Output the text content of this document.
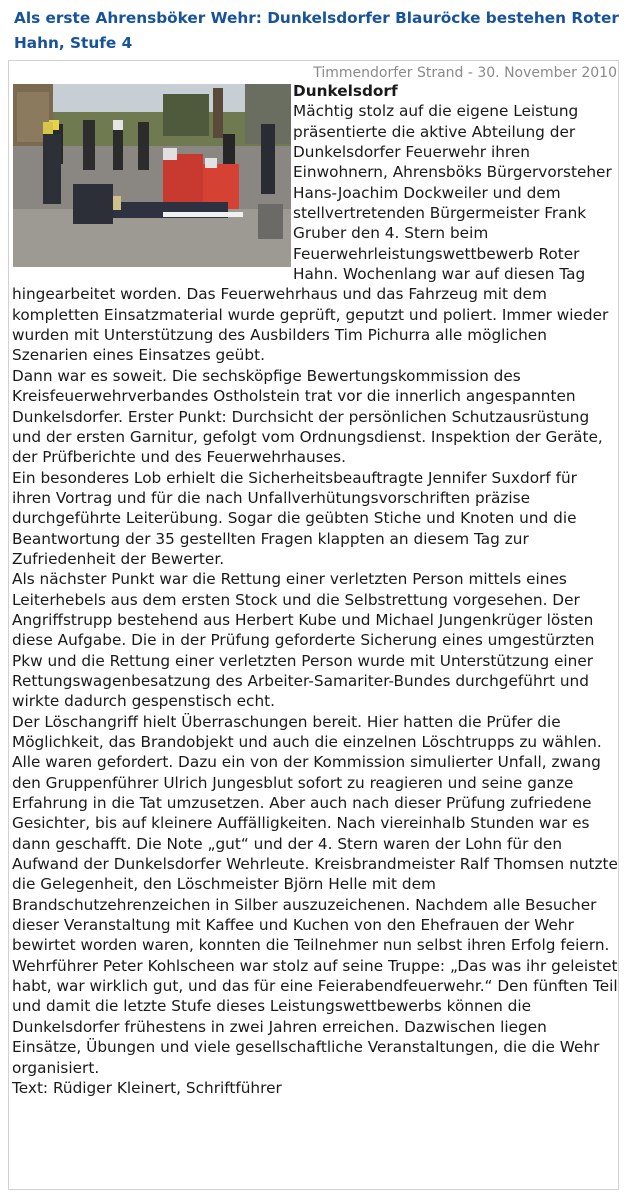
Als erste Ahrensböker Wehr: Dunkelsdorfer Blauröcke bestehen Roter Hahn, Stufe 4
Timmendorfer Strand - 30. November 2010
Dunkelsdorf
Mächtig stolz auf die eigene Leistung präsentierte die aktive Abteilung der Dunkelsdorfer Feuerwehr ihren Einwohnern, Ahrensböks Bürgervorsteher Hans-Joachim Dockweiler und dem stellvertretenden Bürgermeister Frank Gruber den 4. Stern beim Feuerwehrleistungswettbewerb Roter Hahn. Wochenlang war auf diesen Tag hingearbeitet worden. Das Feuerwehrhaus und das Fahrzeug mit dem kompletten Einsatzmaterial wurde geprüft, geputzt und poliert. Immer wieder wurden mit Unterstützung des Ausbilders Tim Pichurra alle möglichen Szenarien eines Einsatzes geübt.
Dann war es soweit. Die sechsköpfige Bewertungskommission des Kreisfeuerwehrverbandes Ostholstein trat vor die innerlich angespannten Dunkelsdorfer. Erster Punkt: Durchsicht der persönlichen Schutzausrüstung und der ersten Garnitur, gefolgt vom Ordnungsdienst. Inspektion der Geräte, der Prüfberichte und des Feuerwehrhauses.
Ein besonderes Lob erhielt die Sicherheitsbeauftragte Jennifer Suxdorf für ihren Vortrag und für die nach Unfallverhütungsvorschriften präzise durchgeführte Leiterübung. Sogar die geübten Stiche und Knoten und die Beantwortung der 35 gestellten Fragen klappten an diesem Tag zur Zufriedenheit der Bewerter.
Als nächster Punkt war die Rettung einer verletzten Person mittels eines Leiterhebels aus dem ersten Stock und die Selbstrettung vorgesehen. Der Angriffstrupp bestehend aus Herbert Kube und Michael Jungenkrüger lösten diese Aufgabe. Die in der Prüfung geforderte Sicherung eines umgestürzten Pkw und die Rettung einer verletzten Person wurde mit Unterstützung einer Rettungswagenbesatzung des Arbeiter-Samariter-Bundes durchgeführt und wirkte dadurch gespenstisch echt.
Der Löschangriff hielt Überraschungen bereit. Hier hatten die Prüfer die Möglichkeit, das Brandobjekt und auch die einzelnen Löschtrupps zu wählen. Alle waren gefordert. Dazu ein von der Kommission simulierter Unfall, zwang den Gruppenführer Ulrich Jungesblut sofort zu reagieren und seine ganze Erfahrung in die Tat umzusetzen. Aber auch nach dieser Prüfung zufriedene Gesichter, bis auf kleinere Auffälligkeiten. Nach viereinhalb Stunden war es dann geschafft. Die Note „gut“ und der 4. Stern waren der Lohn für den Aufwand der Dunkelsdorfer Wehrleute. Kreisbrandmeister Ralf Thomsen nutzte die Gelegenheit, den Löschmeister Björn Helle mit dem Brandschutzehrenzeichen in Silber auszuzeichenen. Nachdem alle Besucher dieser Veranstaltung mit Kaffee und Kuchen von den Ehefrauen der Wehr bewirtet worden waren, konnten die Teilnehmer nun selbst ihren Erfolg feiern.
Wehrführer Peter Kohlscheen war stolz auf seine Truppe: „Das was ihr geleistet habt, war wirklich gut, und das für eine Feierabendfeuerwehr.“ Den fünften Teil und damit die letzte Stufe dieses Leistungswettbewerbs können die Dunkelsdorfer frühestens in zwei Jahren erreichen. Dazwischen liegen Einsätze, Übungen und viele gesellschaftliche Veranstaltungen, die die Wehr organisiert.
Text: Rüdiger Kleinert, Schriftführer
